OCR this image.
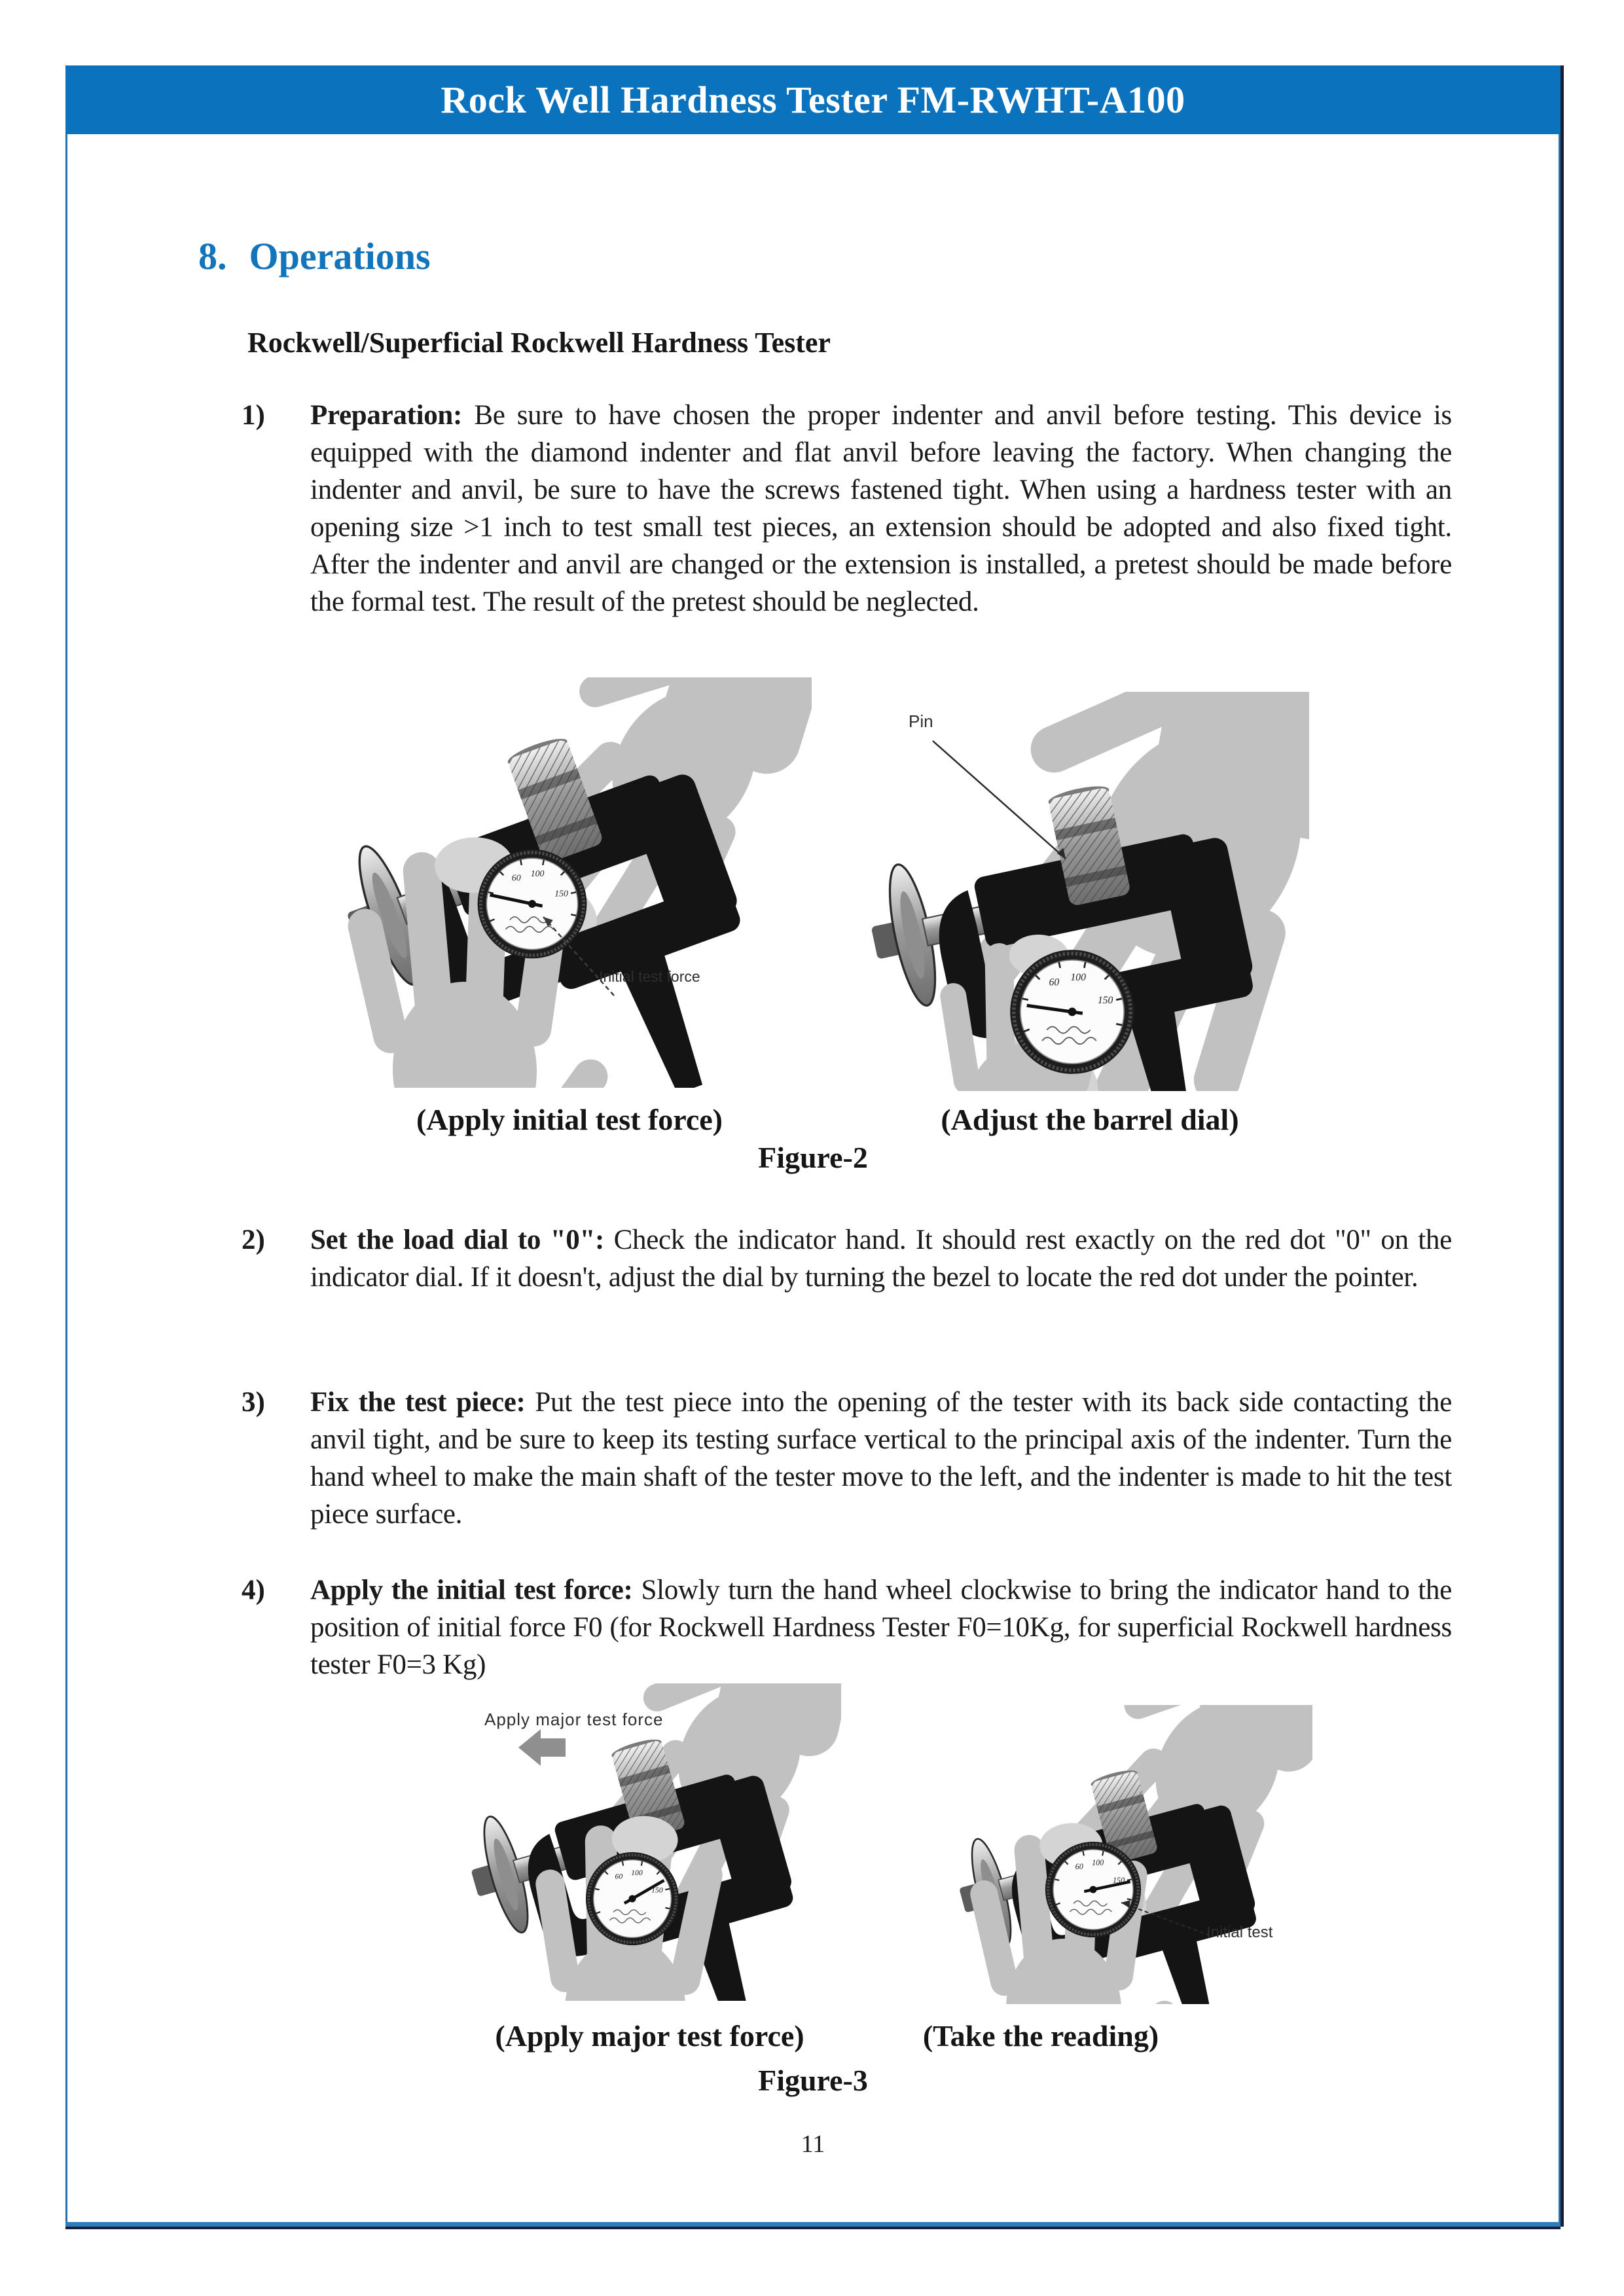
Rock Well Hardness Tester FM-RWHT-A100
8. Operations
Rockwell/Superficial Rockwell Hardness Tester
1) Preparation: Be sure to have chosen the proper indenter and anvil before testing. This device is equipped with the diamond indenter and flat anvil before leaving the factory. When changing the indenter and anvil, be sure to have the screws fastened tight. When using a hardness tester with an opening size >1 inch to test small test pieces, an extension should be adopted and also fixed tight. After the indenter and anvil are changed or the extension is installed, a pretest should be made before the formal test. The result of the pretest should be neglected.

Initial test force
Pin
(Apply initial test force)	(Adjust the barrel dial)
Figure-2
2) Set the load dial to "0": Check the indicator hand. It should rest exactly on the red dot "0" on the indicator dial. If it doesn't, adjust the dial by turning the bezel to locate the red dot under the pointer.

3) Fix the test piece: Put the test piece into the opening of the tester with its back side contacting the anvil tight, and be sure to keep its testing surface vertical to the principal axis of the indenter. Turn the hand wheel to make the main shaft of the tester move to the left, and the indenter is made to hit the test piece surface.

4) Apply the initial test force: Slowly turn the hand wheel clockwise to bring the indicator hand to the position of initial force F0 (for Rockwell Hardness Tester F0=10Kg, for superficial Rockwell hardness tester F0=3 Kg)

Apply major test force
Initial test
(Apply major test force)	(Take the reading)
Figure-3
11
